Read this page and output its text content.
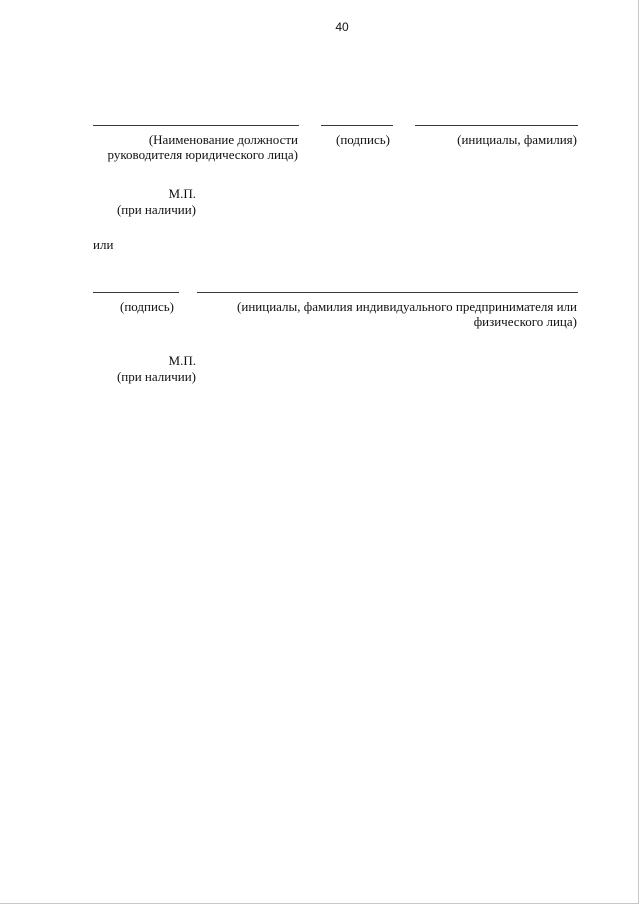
40
(Наименование должности
руководителя юридического лица)
(подпись)	(инициалы, фамилия)
М.П.
(при наличии)
или
(подпись)	(инициалы, фамилия индивидуального предпринимателя или
физического лица)
М.П.
(при наличии)
